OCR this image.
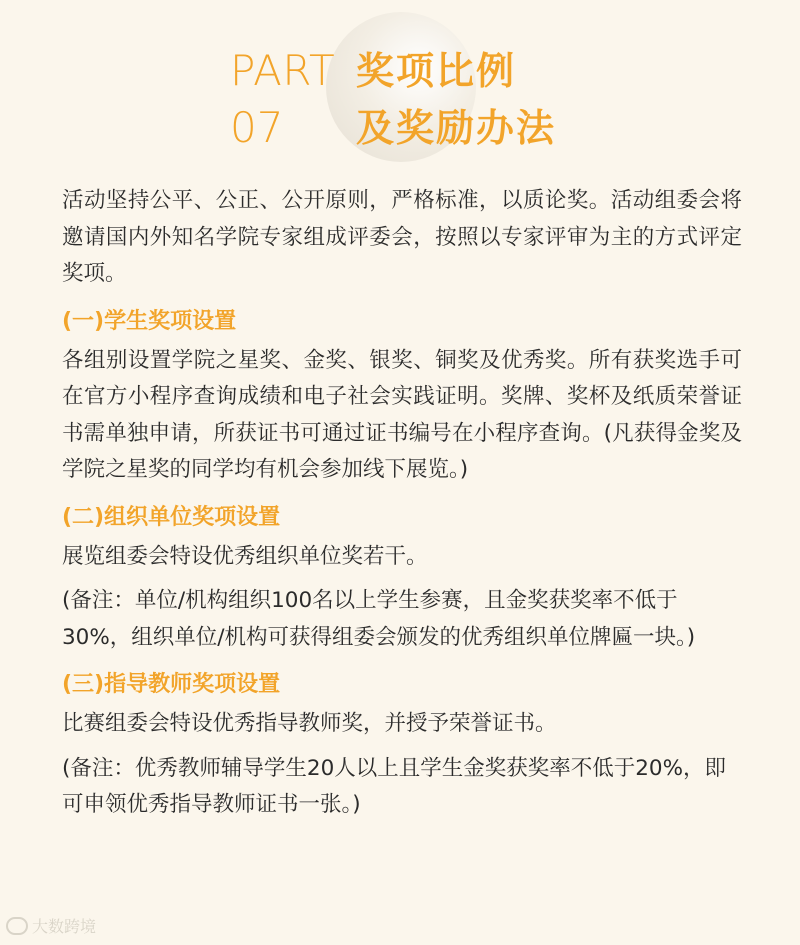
PART

07

奖项比例

及奖励办法

活动坚持公平、公正、公开原则，严格标准，以质论奖。活动组委会将邀请国内外知名学院专家组成评委会，按照以专家评审为主的方式评定奖项。

(一)学生奖项设置

各组别设置学院之星奖、金奖、银奖、铜奖及优秀奖。所有获奖选手可在官方小程序查询成绩和电子社会实践证明。奖牌、奖杯及纸质荣誉证书需单独申请，所获证书可通过证书编号在小程序查询。(凡获得金奖及学院之星奖的同学均有机会参加线下展览。)

(二)组织单位奖项设置

展览组委会特设优秀组织单位奖若干。

(备注：单位/机构组织100名以上学生参赛，且金奖获奖率不低于30%，组织单位/机构可获得组委会颁发的优秀组织单位牌匾一块。)

(三)指导教师奖项设置

比赛组委会特设优秀指导教师奖，并授予荣誉证书。

(备注：优秀教师辅导学生20人以上且学生金奖获奖率不低于20%，即可申领优秀指导教师证书一张。)

大数跨境
